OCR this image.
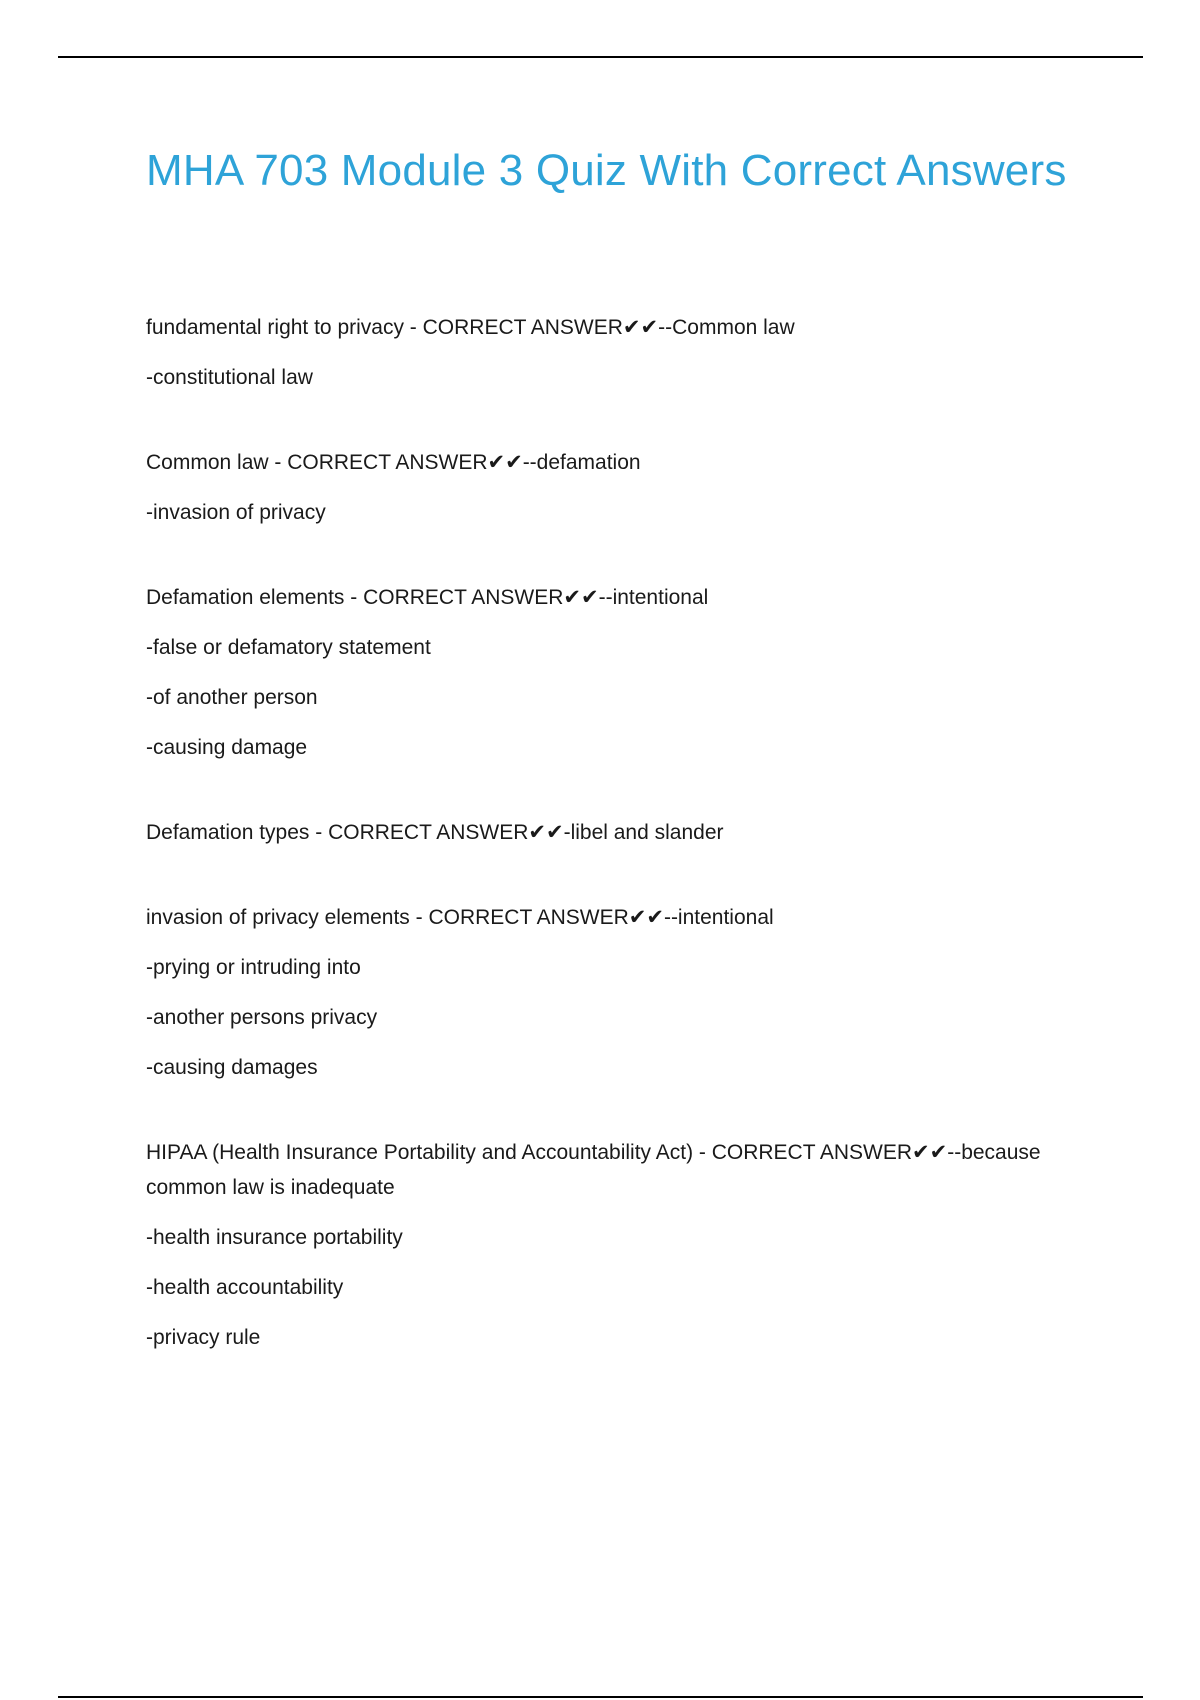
MHA 703 Module 3 Quiz With Correct Answers

fundamental right to privacy - CORRECT ANSWER✔✔--Common law

-constitutional law

Common law - CORRECT ANSWER✔✔--defamation

-invasion of privacy

Defamation elements - CORRECT ANSWER✔✔--intentional

-false or defamatory statement

-of another person

-causing damage

Defamation types - CORRECT ANSWER✔✔-libel and slander

invasion of privacy elements - CORRECT ANSWER✔✔--intentional

-prying or intruding into

-another persons privacy

-causing damages

HIPAA (Health Insurance Portability and Accountability Act) - CORRECT ANSWER✔✔--because common law is inadequate

-health insurance portability

-health accountability

-privacy rule
